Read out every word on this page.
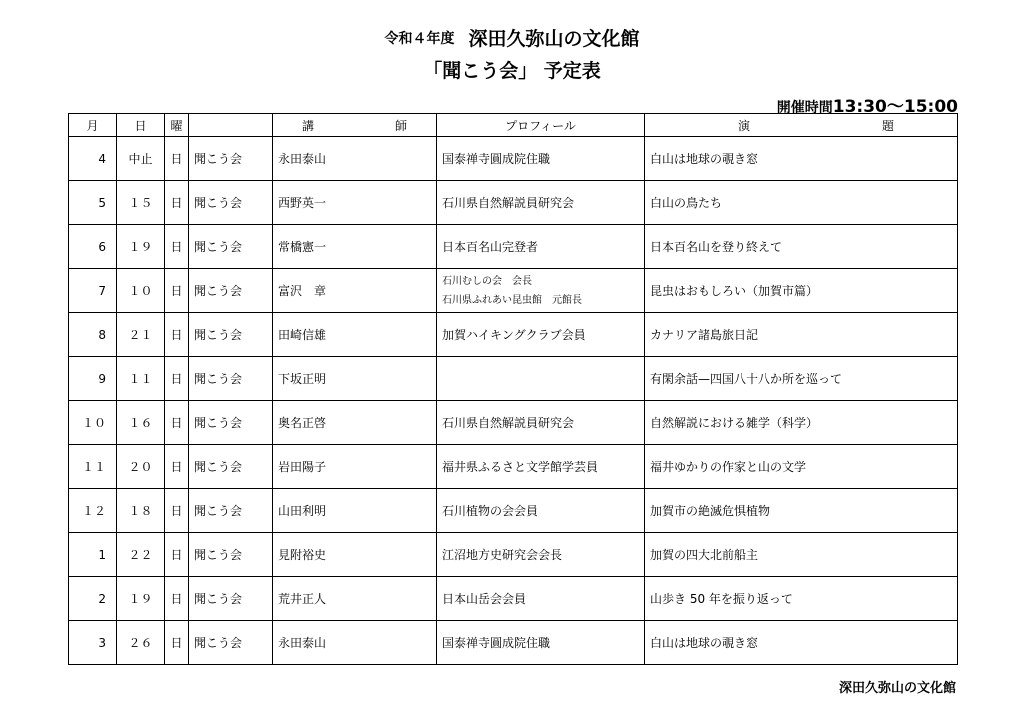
令和４年度 深田久弥山の文化館
「聞こう会」 予定表
開催時間13:30〜15:00
月	日	曜		講 師	プロフィール	演 題

4	中止	日	聞こう会	永田泰山	国泰禅寺圓成院住職	白山は地球の覗き窓
5	１５	日	聞こう会	西野英一	石川県自然解説員研究会	白山の鳥たち
6	１９	日	聞こう会	常橋憲一	日本百名山完登者	日本百名山を登り終えて
7	１０	日	聞こう会	富沢　章	石川むしの会　会長
石川県ふれあい昆虫館　元館長	昆虫はおもしろい（加賀市篇）
8	２１	日	聞こう会	田崎信雄	加賀ハイキングクラブ会員	カナリア諸島旅日記
9	１１	日	聞こう会	下坂正明		有閑余話—四国八十八か所を巡って
１０	１６	日	聞こう会	奥名正啓	石川県自然解説員研究会	自然解説における雑学（科学）
１１	２０	日	聞こう会	岩田陽子	福井県ふるさと文学館学芸員	福井ゆかりの作家と山の文学
１２	１８	日	聞こう会	山田利明	石川植物の会会員	加賀市の絶滅危惧植物
1	２２	日	聞こう会	見附裕史	江沼地方史研究会会長	加賀の四大北前船主
2	１９	日	聞こう会	荒井正人	日本山岳会会員	山歩き 50 年を振り返って
3	２６	日	聞こう会	永田泰山	国泰禅寺圓成院住職	白山は地球の覗き窓
深田久弥山の文化館
